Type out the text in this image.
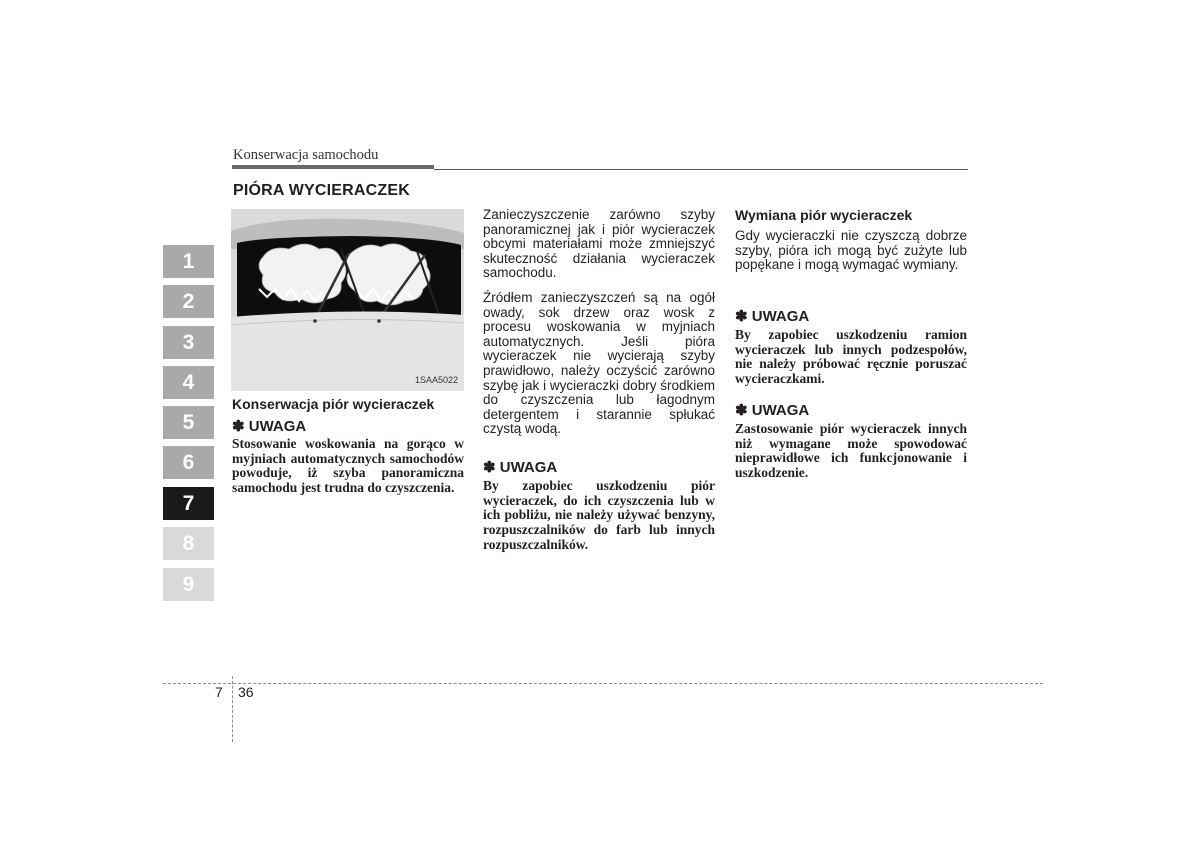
Konserwacja samochodu
PIÓRA WYCIERACZEK
1
2
3
4
5
6
7
8
9
1SAA5022
Konserwacja piór wycieraczek
✽ UWAGA
Stosowanie woskowania na gorąco w myjniach automatycznych samochodów powoduje, iż szyba panoramiczna samochodu jest trudna do czyszczenia.

Zanieczyszczenie zarówno szyby panoramicznej jak i piór wycieraczek obcymi materiałami może zmniejszyć skuteczność działania wycieraczek samochodu.

Źródłem zanieczyszczeń są na ogół owady, sok drzew oraz wosk z procesu woskowania w myjniach automatycznych. Jeśli pióra wycieraczek nie wycierają szyby prawidłowo, należy oczyścić zarówno szybę jak i wycieraczki dobry środkiem do czyszczenia lub łagodnym detergentem i starannie spłukać czystą wodą.

✽ UWAGA
By zapobiec uszkodzeniu piór wycieraczek, do ich czyszczenia lub w ich pobliżu, nie należy używać benzyny, rozpuszczalników do farb lub innych rozpuszczalników.
Wymiana piór wycieraczek

Gdy wycieraczki nie czyszczą dobrze szyby, pióra ich mogą być zużyte lub popękane i mogą wymagać wymiany.

✽ UWAGA
By zapobiec uszkodzeniu ramion wycieraczek lub innych podzespołów, nie należy próbować ręcznie poruszać wycieraczkami.
✽ UWAGA
Zastosowanie piór wycieraczek innych niż wymagane może spowodować nieprawidłowe ich funkcjonowanie i uszkodzenie.
7 36
